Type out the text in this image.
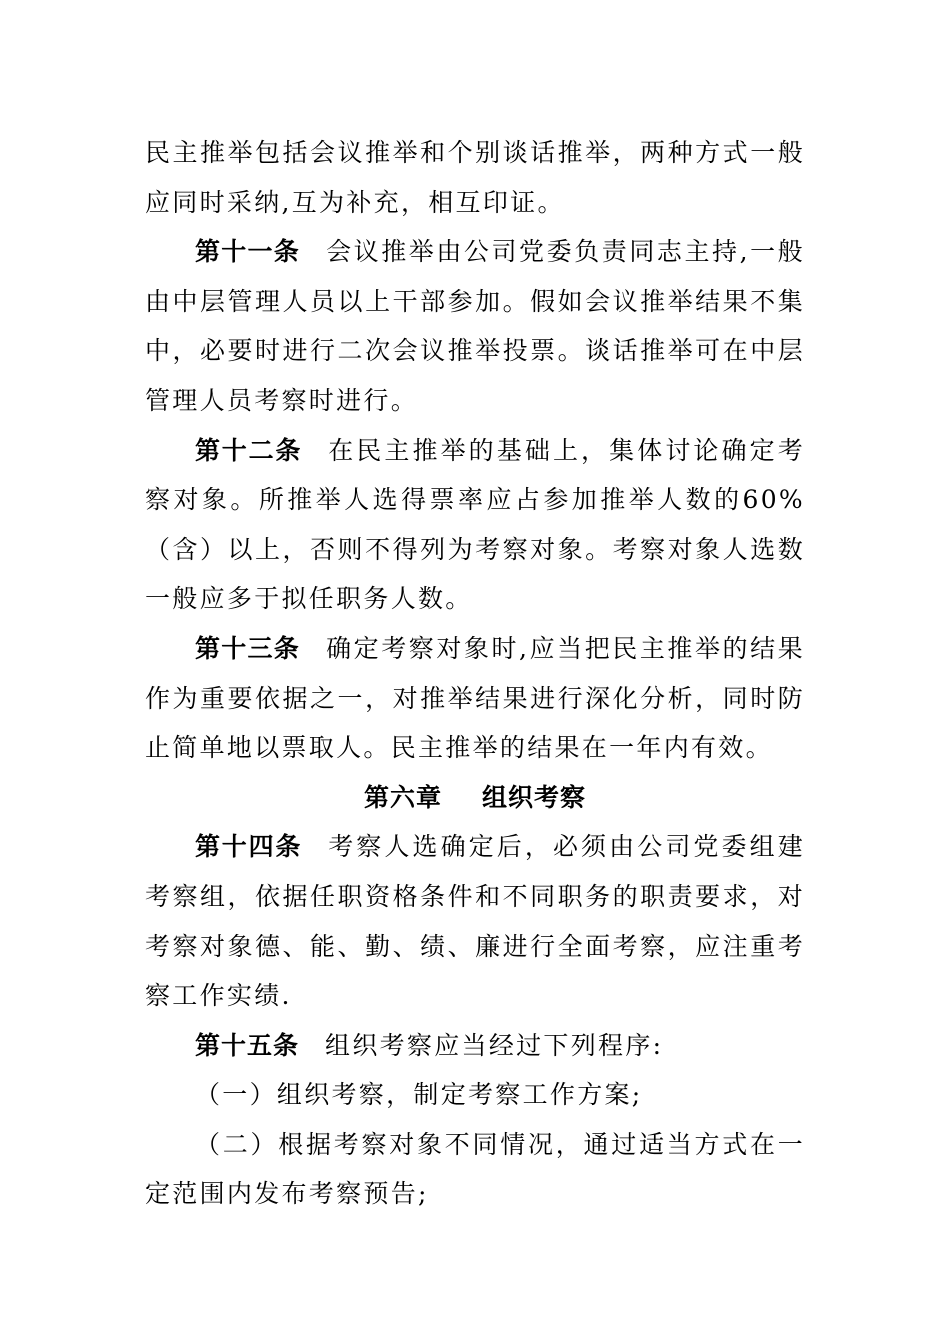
民主推举包括会议推举和个别谈话推举，两种方式一般应同时采纳,互为补充，相互印证。

第十一条 会议推举由公司党委负责同志主持,一般由中层管理人员以上干部参加。假如会议推举结果不集中，必要时进行二次会议推举投票。谈话推举可在中层管理人员考察时进行。

第十二条 在民主推举的基础上，集体讨论确定考察对象。所推举人选得票率应占参加推举人数的60%（含）以上，否则不得列为考察对象。考察对象人选数一般应多于拟任职务人数。

第十三条 确定考察对象时,应当把民主推举的结果作为重要依据之一，对推举结果进行深化分析，同时防止简单地以票取人。民主推举的结果在一年内有效。

第六章 组织考察

第十四条 考察人选确定后，必须由公司党委组建考察组，依据任职资格条件和不同职务的职责要求，对考察对象德、能、勤、绩、廉进行全面考察，应注重考察工作实绩.

第十五条 组织考察应当经过下列程序:

（一）组织考察，制定考察工作方案;

（二）根据考察对象不同情况，通过适当方式在一定范围内发布考察预告;
